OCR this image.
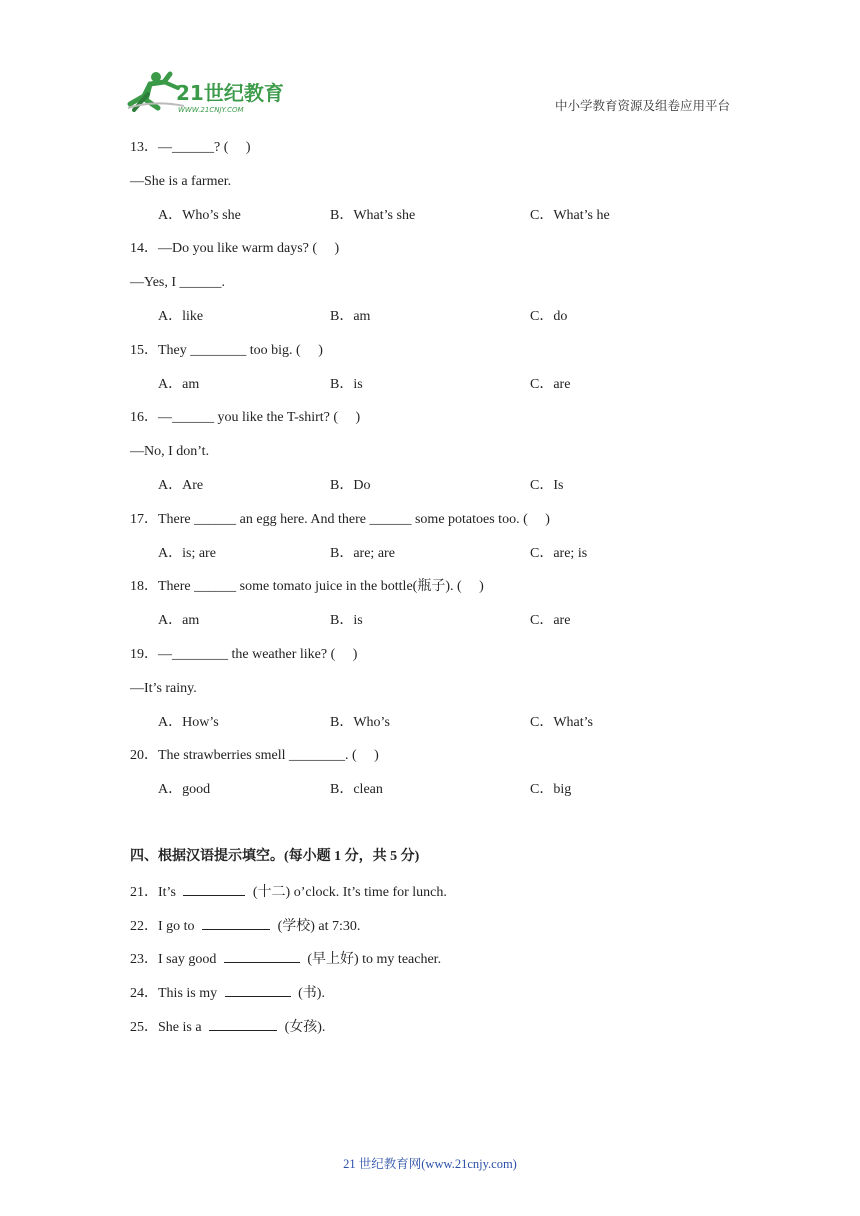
21世纪教育
WWW.21CNJY.COM	中小学教育资源及组卷应用平台
13．—______? (     )
—She is a farmer.
A．Who’s she	B．What’s she	C．What’s he
14．—Do you like warm days? (     )
—Yes, I ______.
A．like	B．am	C．do
15．They ________ too big. (     )
A．am	B．is	C．are
16．—______ you like the T-shirt? (     )
—No, I don’t.
A．Are	B．Do	C．Is
17．There ______ an egg here. And there ______ some potatoes too. (     )
A．is; are	B．are; are	C．are; is
18．There ______ some tomato juice in the bottle(瓶子). (     )
A．am	B．is	C．are
19．—________ the weather like? (     )
—It’s rainy.
A．How’s	B．Who’s	C．What’s
20．The strawberries smell ________. (     )
A．good	B．clean	C．big
四、根据汉语提示填空。(每小题 1 分，共 5 分)
21．It’s	(十二) o’clock. It’s time for lunch.
22．I go to	(学校) at 7:30.
23．I say good	(早上好) to my teacher.
24．This is my	(书).
25．She is a	(女孩).
21 世纪教育网(www.21cnjy.com)
